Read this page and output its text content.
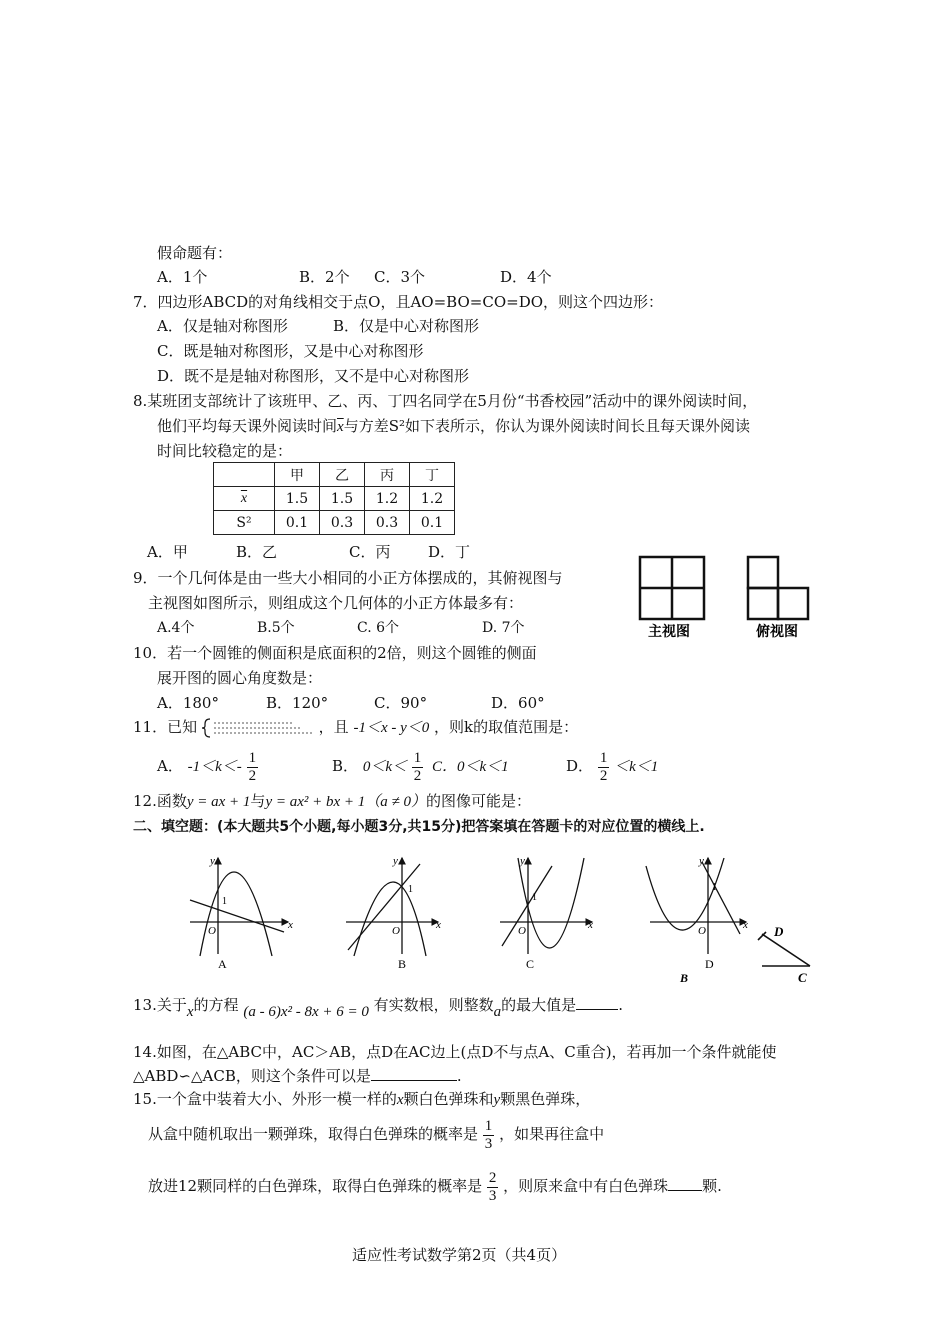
假命题有：
A．1个	B．2个 C．3个	D．4个
7．四边形ABCD的对角线相交于点O，且AO=BO=CO=DO，则这个四边形：
A．仅是轴对称图形	B．仅是中心对称图形
C．既是轴对称图形，又是中心对称图形
D．既不是是轴对称图形，又不是中心对称图形
8.某班团支部统计了该班甲、乙、丙、丁四名同学在5月份“书香校园”活动中的课外阅读时间，
他们平均每天课外阅读时间$\overline{x}$与方差S²如下表所示，你认为课外阅读时间长且每天课外阅读
时间比较稳定的是：
	甲	乙	丙	丁
$\overline{x}$	1.5	1.5	1.2	1.2
S²	0.1	0.3	0.3	0.1
A．甲	B．乙	C．丙	D．丁
9．一个几何体是由一些大小相同的小正方体摆成的，其俯视图与
主视图如图所示，则组成这个几何体的小正方体最多有：
A.4个	B.5个	C. 6个	D. 7个	主视图	俯视图
10．若一个圆锥的侧面积是底面积的2倍，则这个圆锥的侧面
展开图的圆心角度数是：
A．180°	B．120°	C．90°	D．60°
11．已知	，且 -1＜x - y＜0 ，则k的取值范围是：
A． $-1<k<- \frac{1}{2}$	B． $0<k< \frac{1}{2}$ C．0＜k＜1	D． $\frac{1}{2} <k<1$
12.函数y = ax + 1与y = ax² + bx + 1（a ≠ 0）的图像可能是：
二、填空题：(本大题共5个小题,每小题3分,共15分)把答案填在答题卡的对应位置的横线上.
y
x
O
1
A
y
x
O
1
B
y
x
O
1
C
y
x
O
1
D
D
B	C
13.关于x的方程 (a - 6)x² - 8x + 6 = 0 有实数根，则整数a的最大值是	.
14.如图，在△ABC中，AC＞AB，点D在AC边上(点D不与点A、C重合)，若再加一个条件就能使
△ABD∽△ACB，则这个条件可以是	.
15.一个盒中装着大小、外形一模一样的x颗白色弹珠和y颗黑色弹珠，
从盒中随机取出一颗弹珠，取得白色弹珠的概率是 $\frac{1}{3}$ ，如果再往盒中
放进12颗同样的白色弹珠，取得白色弹珠的概率是 $\frac{2}{3}$ ，则原来盒中有白色弹珠 颗.
适应性考试数学第2页（共4页）
